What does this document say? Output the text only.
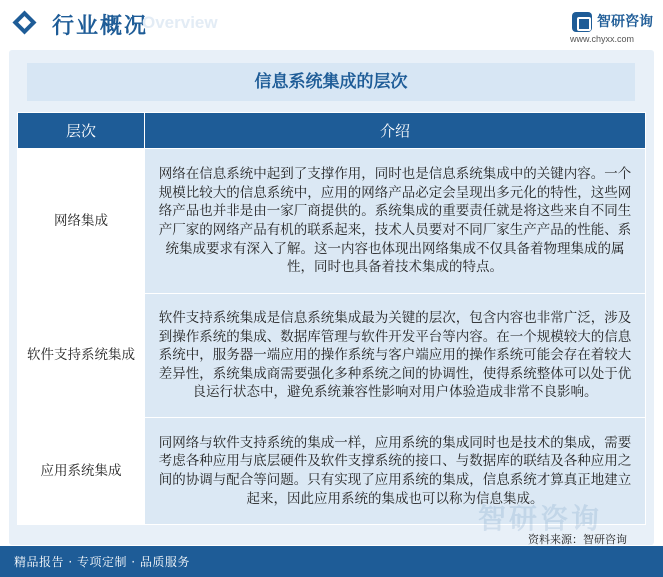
行业概况
Overview	智研咨询
www.chyxx.com
信息系统集成的层次
层次	介绍
网络集成	网络在信息系统中起到了支撑作用，同时也是信息系统集成中的关键内容。一个规模比较大的信息系统中，应用的网络产品必定会呈现出多元化的特性，这些网络产品也并非是由一家厂商提供的。系统集成的重要责任就是将这些来自不同生产厂家的网络产品有机的联系起来，技术人员要对不同厂家生产产品的性能、系统集成要求有深入了解。这一内容也体现出网络集成不仅具备着物理集成的属性，同时也具备着技术集成的特点。
软件支持系统集成	软件支持系统集成是信息系统集成最为关键的层次，包含内容也非常广泛，涉及到操作系统的集成、数据库管理与软件开发平台等内容。在一个规模较大的信息系统中，服务器一端应用的操作系统与客户端应用的操作系统可能会存在着较大差异性，系统集成商需要强化多种系统之间的协调性，使得系统整体可以处于优良运行状态中，避免系统兼容性影响对用户体验造成非常不良影响。
应用系统集成	同网络与软件支持系统的集成一样，应用系统的集成同时也是技术的集成，需要考虑各种应用与底层硬件及软件支撑系统的接口、与数据库的联结及各种应用之间的协调与配合等问题。只有实现了应用系统的集成，信息系统才算真正地建立起来，因此应用系统的集成也可以称为信息集成。
智研咨询
资料来源：智研咨询
精品报告 · 专项定制 · 品质服务
